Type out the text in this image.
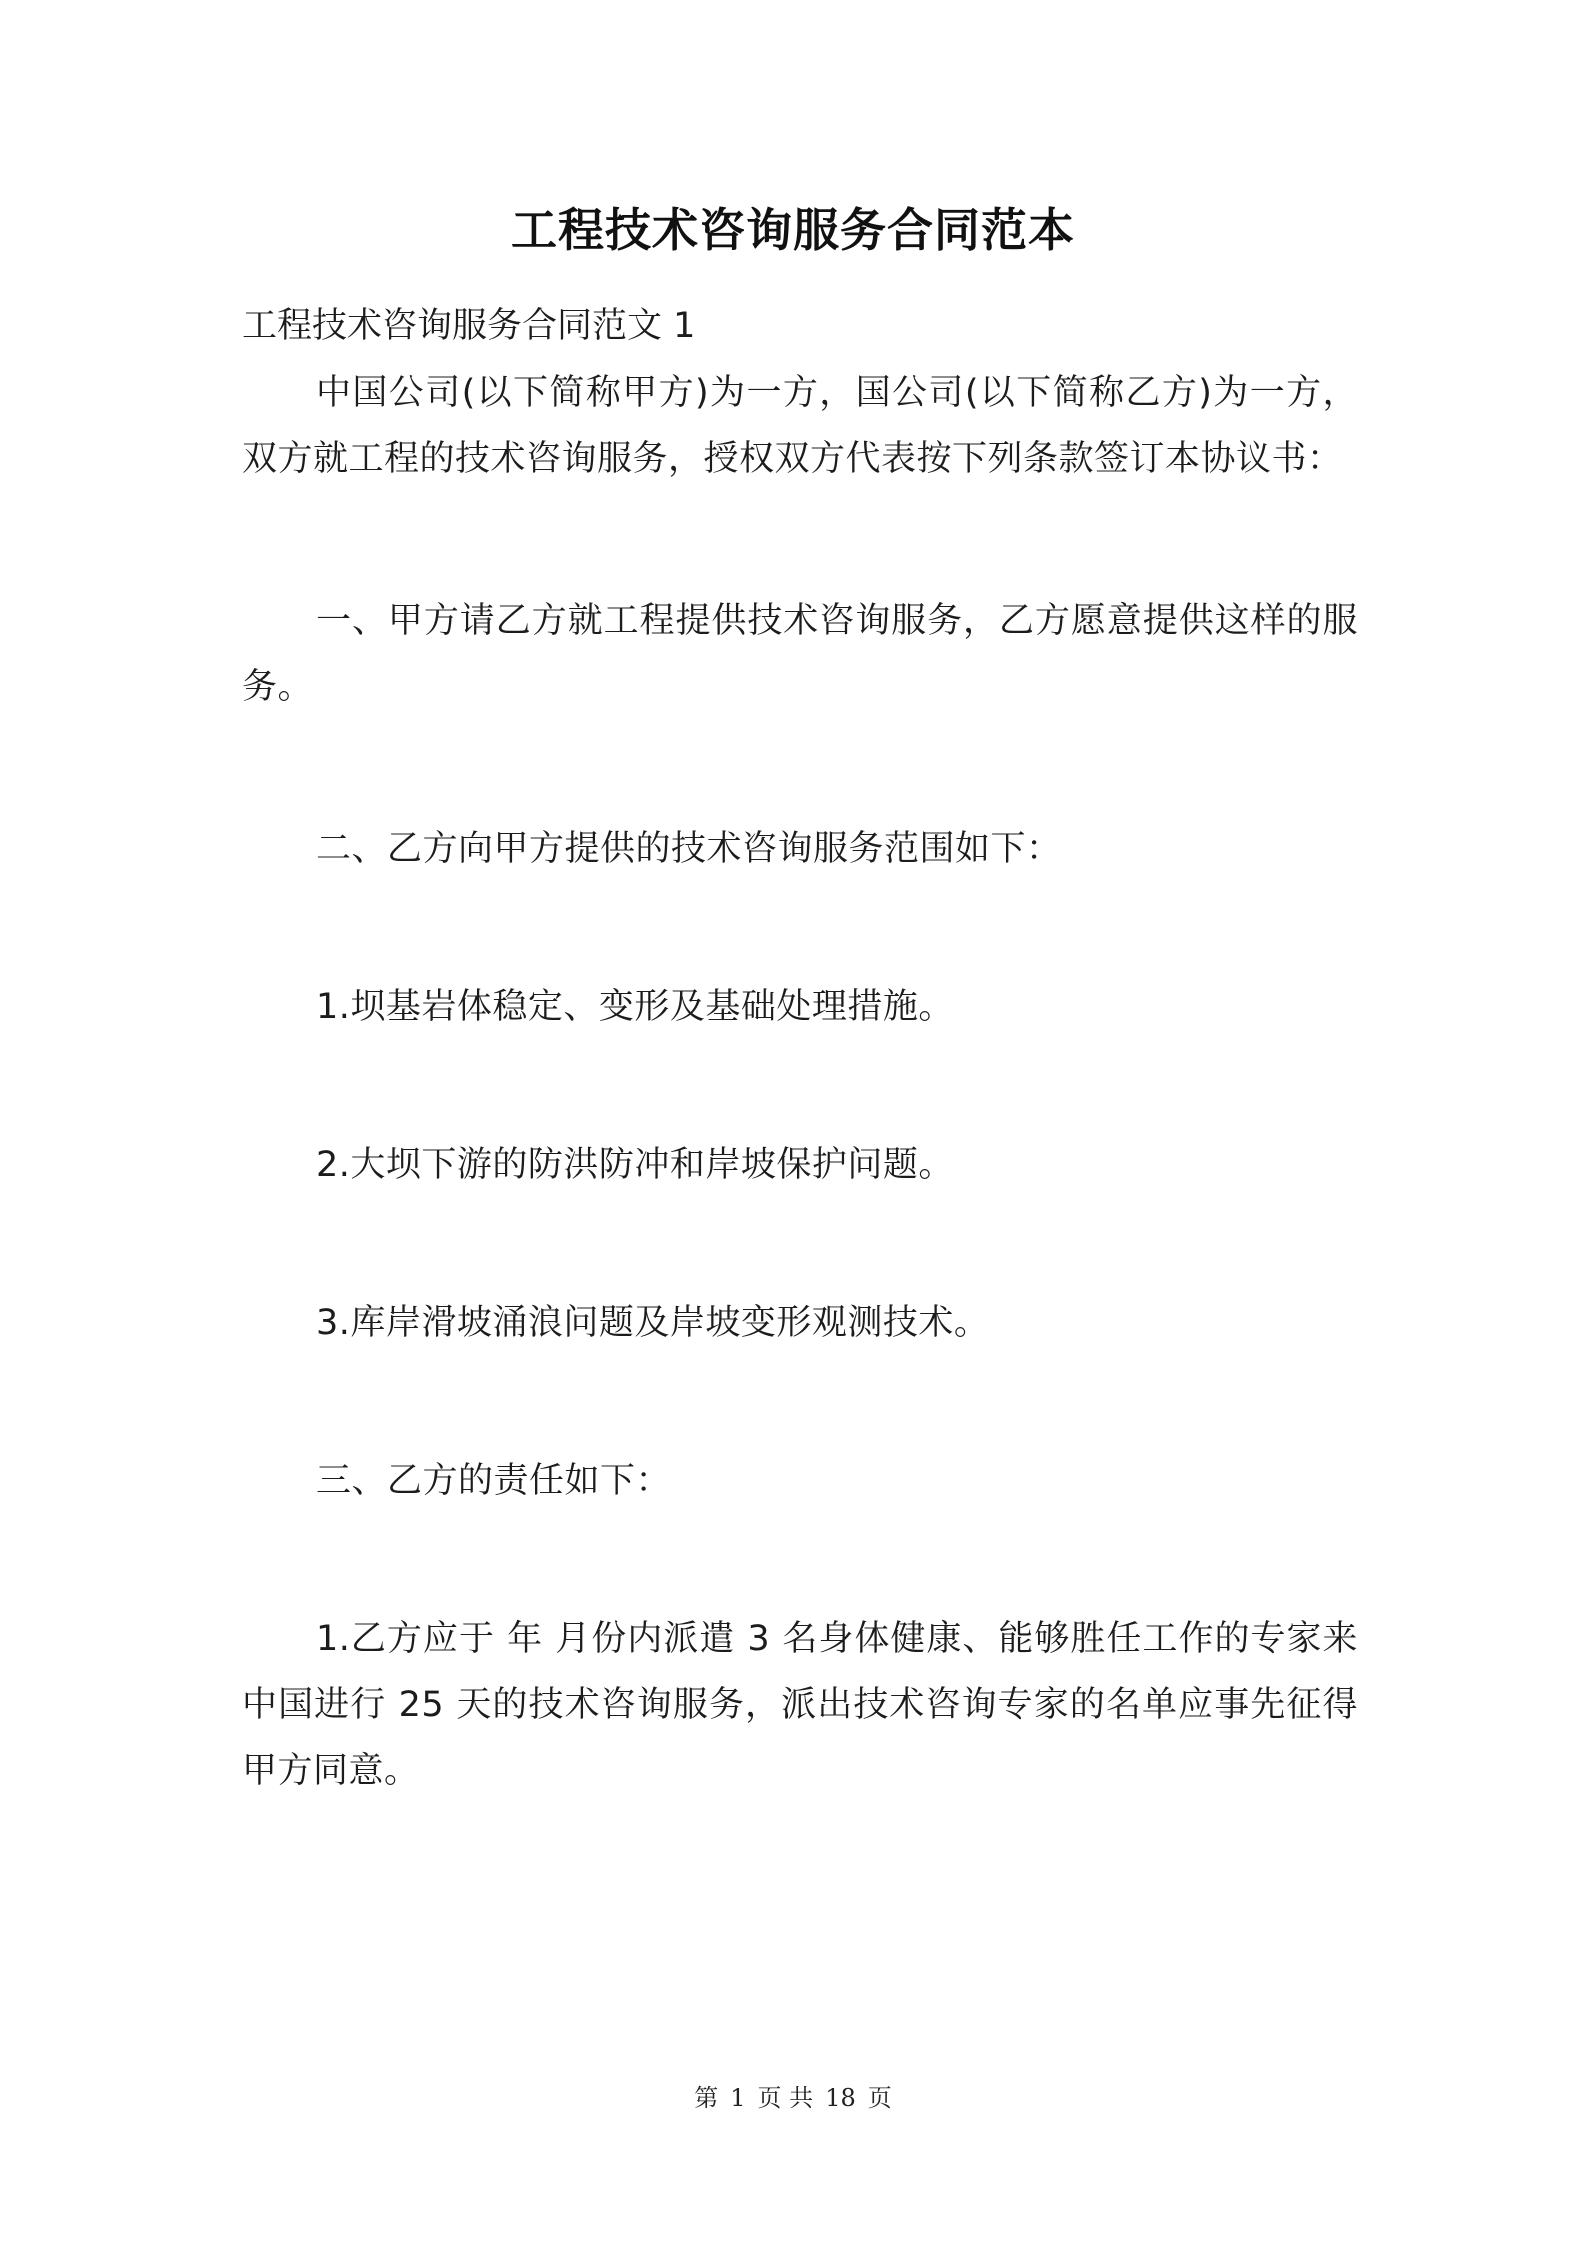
工程技术咨询服务合同范本

工程技术咨询服务合同范文 1

中国公司(以下简称甲方)为一方，国公司(以下简称乙方)为一方，双方就工程的技术咨询服务，授权双方代表按下列条款签订本协议书：

一、甲方请乙方就工程提供技术咨询服务，乙方愿意提供这样的服务。

二、乙方向甲方提供的技术咨询服务范围如下：

1.坝基岩体稳定、变形及基础处理措施。

2.大坝下游的防洪防冲和岸坡保护问题。

3.库岸滑坡涌浪问题及岸坡变形观测技术。

三、乙方的责任如下：

1.乙方应于 年 月份内派遣 3 名身体健康、能够胜任工作的专家来中国进行 25 天的技术咨询服务，派出技术咨询专家的名单应事先征得甲方同意。

第 1 页 共 18 页
